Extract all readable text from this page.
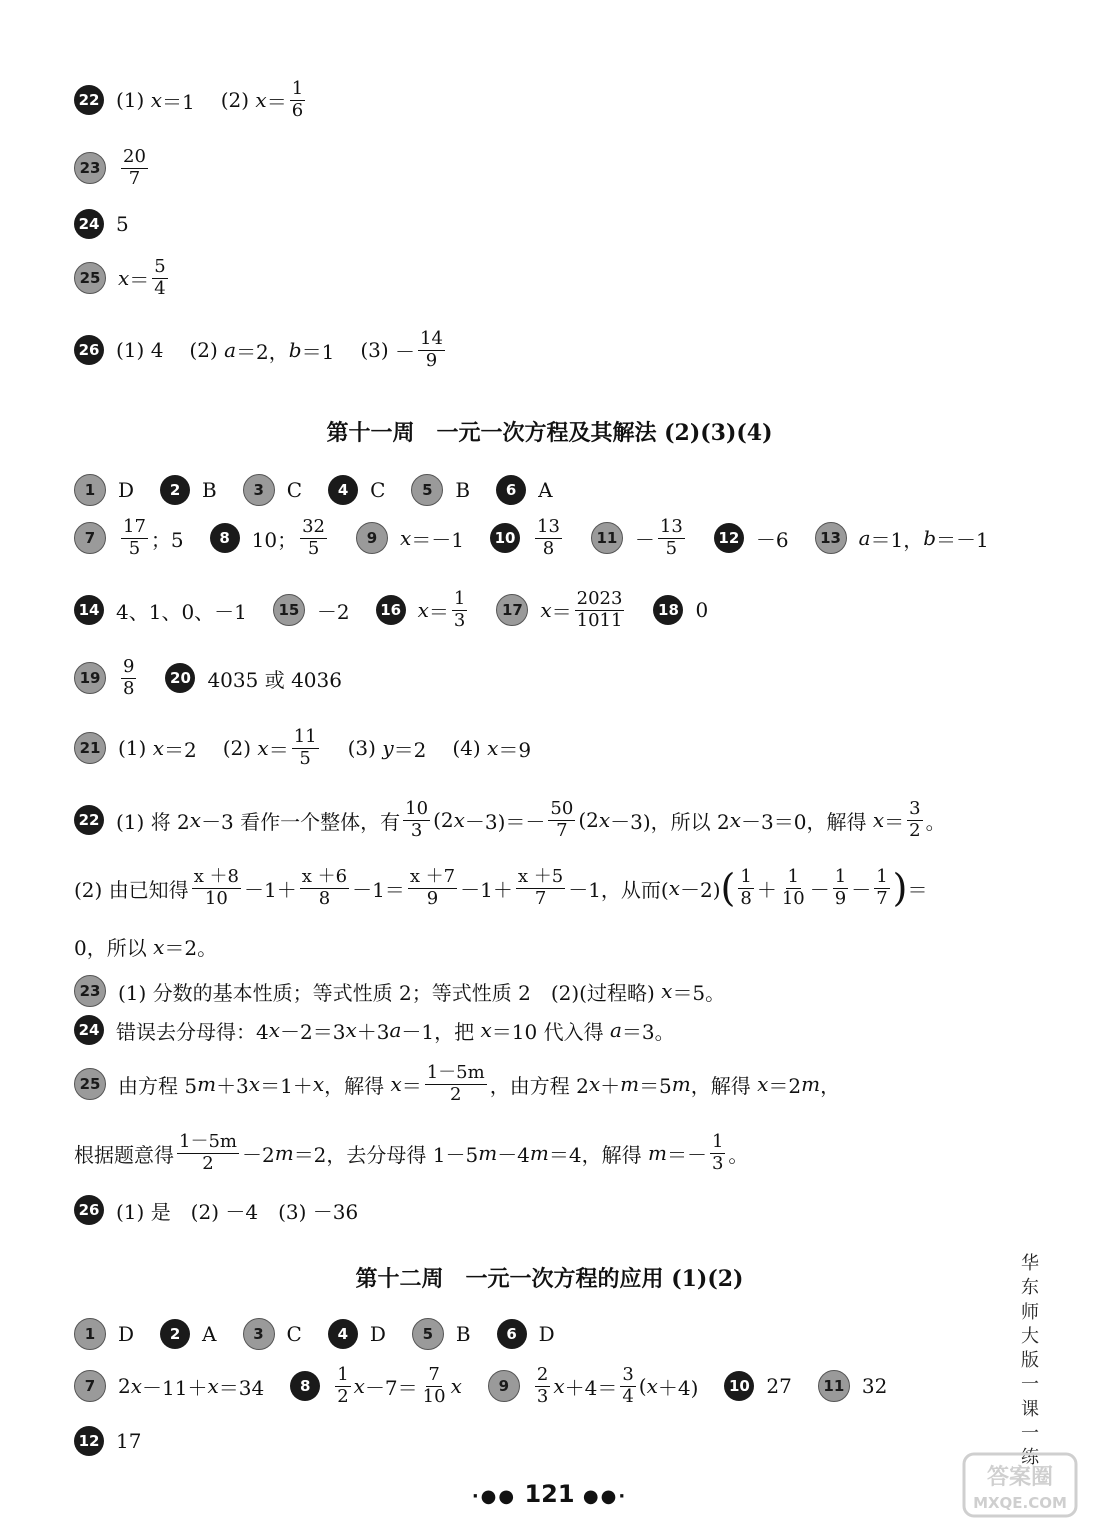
22 (1)
x ＝1 (2)
x ＝
1
6
23
20
7
24 5
25 x ＝
5
4
26 (1) 4 (2)
a ＝2， b ＝1 (3)
－
14
9
第十一周　一元一次方程及其解法 (2)(3)(4)
1	D	2	B	3	C	4	C	5	B	6	A
7
17
5 ；5	8	10；
32
5	9	x ＝－1	10
13
8	11 －
13
5	12 －6	13 a ＝1， b ＝－1
14 4、1、0、－1	15 －2	16 x ＝
1
3	17 x ＝
2023
1011	18 0
19
9
8	20 4035 或 4036
21 (1)
x ＝2 (2)
x ＝
11
5 (3)
y ＝2 (4)
x ＝9
22 (1) 将 2 x －3 看作一个整体，有
10
3 (2 x －3)＝－
50
7 (2 x －3)，所以 2 x －3＝0，解得
x ＝
3
2 。
(2) 由已知得
x ＋8
10 －1＋
x ＋6
8 －1＝
x ＋7
9 －1＋
x ＋5
7 －1，从而( x －2) ( 1
8 ＋
1
10 －
1
9 －
1
7 ) ＝
0，所以
x ＝2。
23 (1) 分数的基本性质；等式性质 2；等式性质 2　(2)(过程略)
x ＝5。
24 错误去分母得：4 x －2＝3 x ＋3 a －1，把
x ＝10 代入得
a ＝3。
25 由方程 5 m ＋3 x ＝1＋ x ，解得
x ＝
1－5m
2 ，由方程 2 x ＋ m ＝5 m ，解得
x ＝2 m ，
根据题意得
1－5m
2 －2 m ＝2，去分母得 1－5 m －4 m ＝4，解得
m ＝－
1
3 。
26 (1) 是　(2) －4　(3) －36
第十二周　一元一次方程的应用 (1)(2)
1	D	2	A	3	C	4	D	5	B	6	D
7	2 x －11＋ x ＝34	8
1
2 x －7＝
7
10 x	9
2
3 x ＋4＝
3
4 ( x ＋4)	10 27	11 32
12 17
华
东
师
大
版
一
课
一
练
·●● 121 ●●·
答案圈
MXQE.COM
